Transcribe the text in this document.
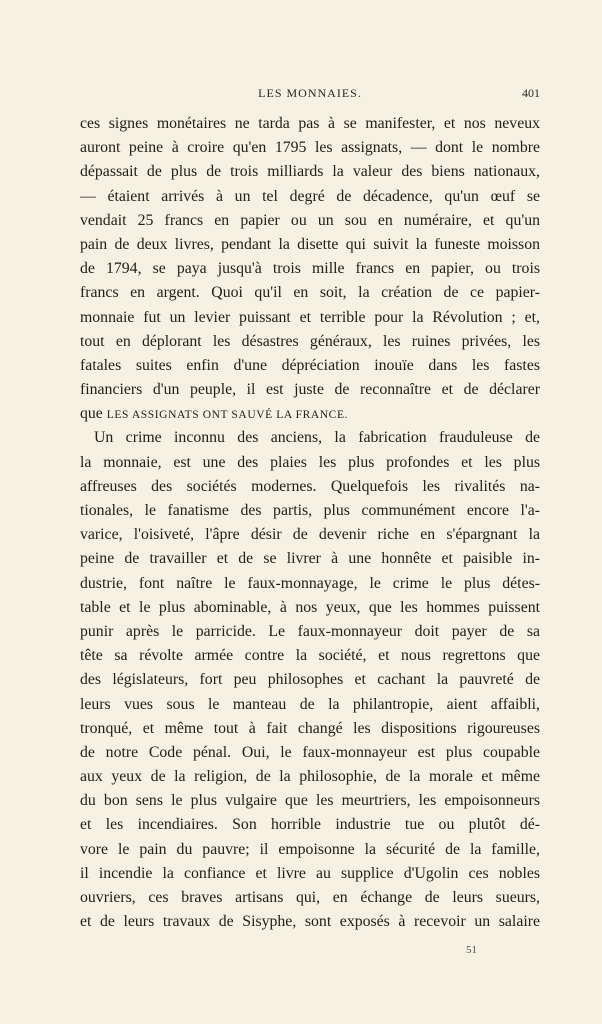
LES MONNAIES.	401
ces signes monétaires ne tarda pas à se manifester, et nos neveux
auront peine à croire qu'en 1795 les assignats, — dont le nombre
dépassait de plus de trois milliards la valeur des biens nationaux,
— étaient arrivés à un tel degré de décadence, qu'un œuf se
vendait 25 francs en papier ou un sou en numéraire, et qu'un
pain de deux livres, pendant la disette qui suivit la funeste moisson
de 1794, se paya jusqu'à trois mille francs en papier, ou trois
francs en argent. Quoi qu'il en soit, la création de ce papier-
monnaie fut un levier puissant et terrible pour la Révolution ; et,
tout en déplorant les désastres généraux, les ruines privées, les
fatales suites enfin d'une dépréciation inouïe dans les fastes
financiers d'un peuple, il est juste de reconnaître et de déclarer
que LES ASSIGNATS ONT SAUVÉ LA FRANCE.
Un crime inconnu des anciens, la fabrication frauduleuse de
la monnaie, est une des plaies les plus profondes et les plus
affreuses des sociétés modernes. Quelquefois les rivalités na-
tionales, le fanatisme des partis, plus communément encore l'a-
varice, l'oisiveté, l'âpre désir de devenir riche en s'épargnant la
peine de travailler et de se livrer à une honnête et paisible in-
dustrie, font naître le faux-monnayage, le crime le plus détes-
table et le plus abominable, à nos yeux, que les hommes puissent
punir après le parricide. Le faux-monnayeur doit payer de sa
tête sa révolte armée contre la société, et nous regrettons que
des législateurs, fort peu philosophes et cachant la pauvreté de
leurs vues sous le manteau de la philantropie, aient affaibli,
tronqué, et même tout à fait changé les dispositions rigoureuses
de notre Code pénal. Oui, le faux-monnayeur est plus coupable
aux yeux de la religion, de la philosophie, de la morale et même
du bon sens le plus vulgaire que les meurtriers, les empoisonneurs
et les incendiaires. Son horrible industrie tue ou plutôt dé-
vore le pain du pauvre; il empoisonne la sécurité de la famille,
il incendie la confiance et livre au supplice d'Ugolin ces nobles
ouvriers, ces braves artisans qui, en échange de leurs sueurs,
et de leurs travaux de Sisyphe, sont exposés à recevoir un salaire
51
